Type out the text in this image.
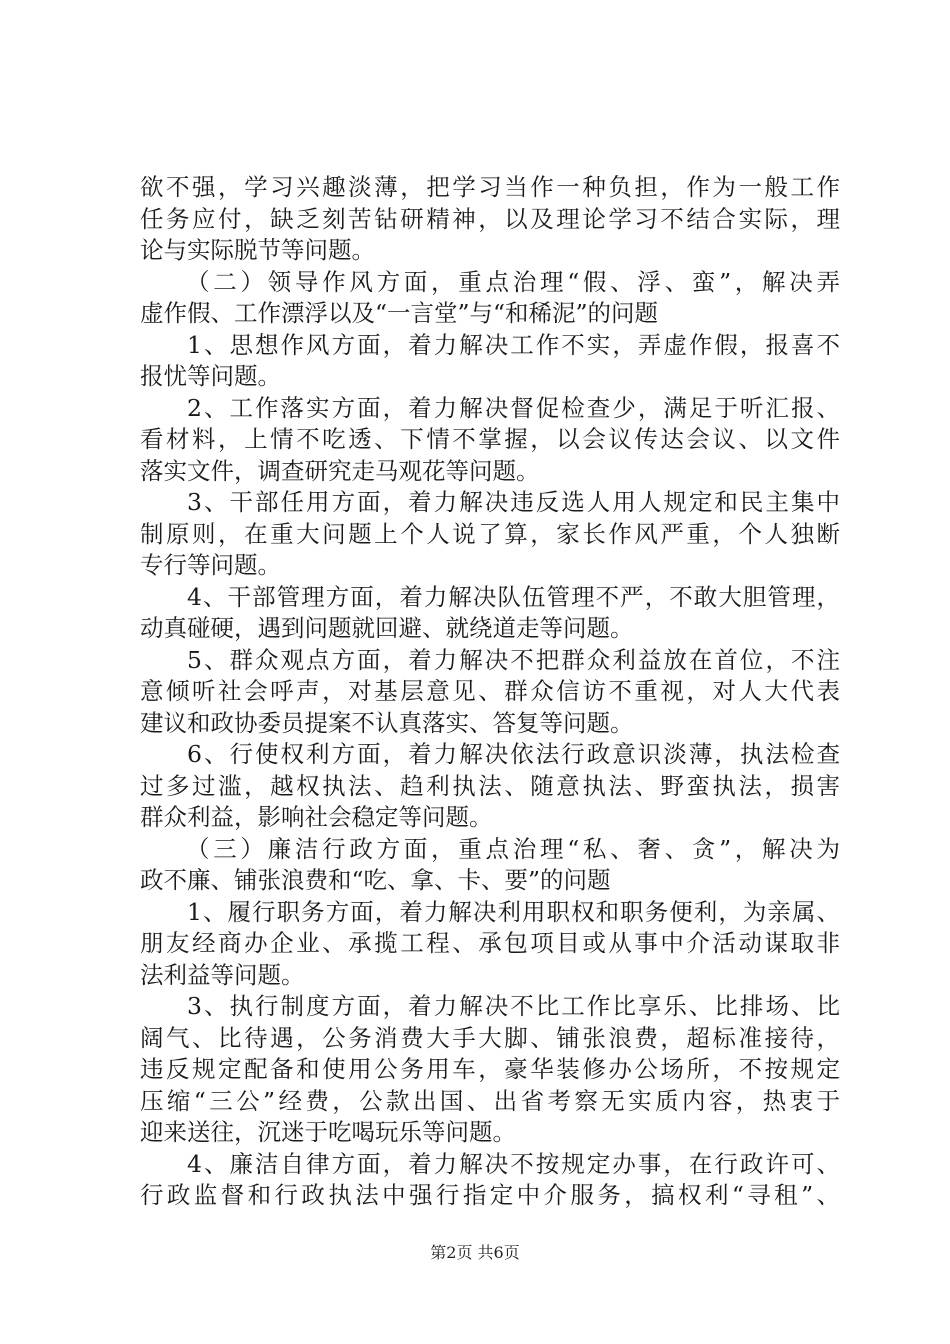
欲不强，学习兴趣淡薄，把学习当作一种负担，作为一般工作
任务应付，缺乏刻苦钻研精神，以及理论学习不结合实际，理
论与实际脱节等问题。
（二）领导作风方面，重点治理“假、浮、蛮”，解决弄
虚作假、工作漂浮以及“一言堂”与“和稀泥”的问题
1、思想作风方面，着力解决工作不实，弄虚作假，报喜不
报忧等问题。
2、工作落实方面，着力解决督促检查少，满足于听汇报、
看材料，上情不吃透、下情不掌握，以会议传达会议、以文件
落实文件，调查研究走马观花等问题。
3、干部任用方面，着力解决违反选人用人规定和民主集中
制原则，在重大问题上个人说了算，家长作风严重，个人独断
专行等问题。
4、干部管理方面，着力解决队伍管理不严，不敢大胆管理，
动真碰硬，遇到问题就回避、就绕道走等问题。
5、群众观点方面，着力解决不把群众利益放在首位，不注
意倾听社会呼声，对基层意见、群众信访不重视，对人大代表
建议和政协委员提案不认真落实、答复等问题。
6、行使权利方面，着力解决依法行政意识淡薄，执法检查
过多过滥，越权执法、趋利执法、随意执法、野蛮执法，损害
群众利益，影响社会稳定等问题。
（三）廉洁行政方面，重点治理“私、奢、贪”，解决为
政不廉、铺张浪费和“吃、拿、卡、要”的问题
1、履行职务方面，着力解决利用职权和职务便利，为亲属、
朋友经商办企业、承揽工程、承包项目或从事中介活动谋取非
法利益等问题。
3、执行制度方面，着力解决不比工作比享乐、比排场、比
阔气、比待遇，公务消费大手大脚、铺张浪费，超标准接待，
违反规定配备和使用公务用车，豪华装修办公场所，不按规定
压缩“三公”经费，公款出国、出省考察无实质内容，热衷于
迎来送往，沉迷于吃喝玩乐等问题。
4、廉洁自律方面，着力解决不按规定办事，在行政许可、
行政监督和行政执法中强行指定中介服务，搞权利“寻租”、
第2页 共6页
